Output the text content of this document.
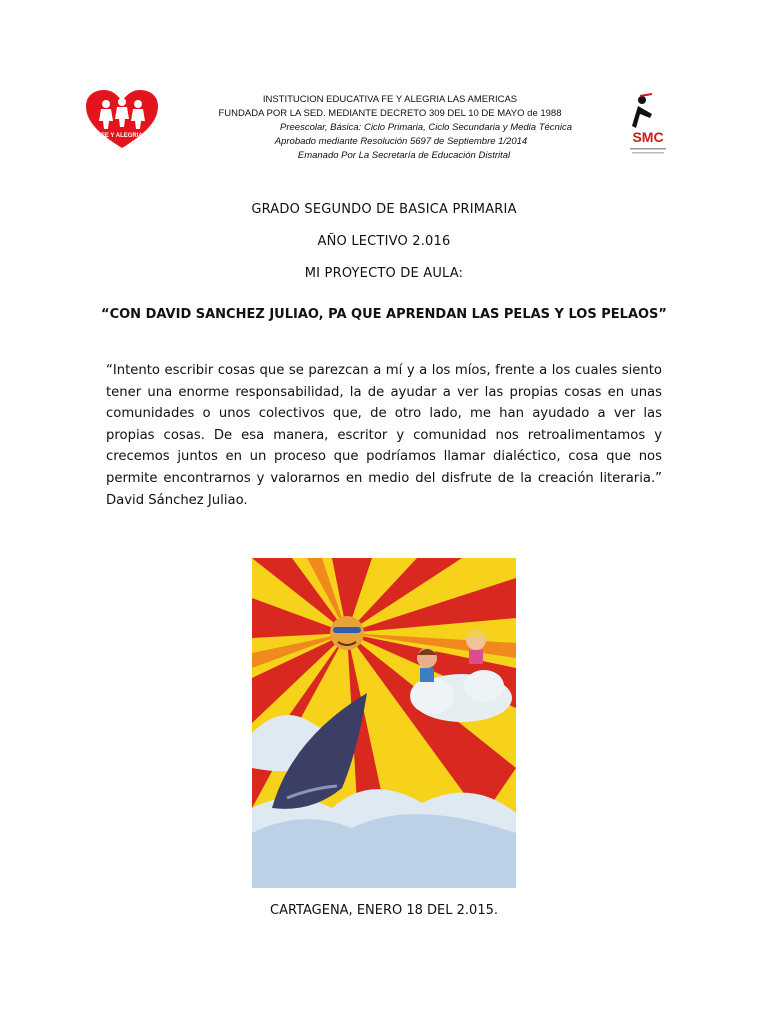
FE Y ALEGRIA	SMC
INSTITUCION EDUCATIVA FE Y ALEGRIA LAS AMERICAS
FUNDADA POR LA SED. MEDIANTE DECRETO 309 DEL 10 DE MAYO de 1988
Preescolar, Básica: Ciclo Primaria, Ciclo Secundaria y Media Técnica
Aprobado mediante Resolución 5697 de Septiembre 1/2014
Emanado Por La Secretaría de Educación Distrital
GRADO SEGUNDO DE BASICA PRIMARIA
AÑO LECTIVO 2.016
MI PROYECTO DE AULA:
“CON DAVID SANCHEZ JULIAO, PA QUE APRENDAN LAS PELAS Y LOS PELAOS”
“Intento escribir cosas que se parezcan a mí y a los míos, frente a los cuales siento tener una enorme responsabilidad, la de ayudar a ver las propias cosas en unas comunidades o unos colectivos que, de otro lado, me han ayudado a ver las propias cosas. De esa manera, escritor y comunidad nos retroalimentamos y crecemos juntos en un proceso que podríamos llamar dialéctico, cosa que nos permite encontrarnos y valorarnos en medio del disfrute de la creación literaria.” David Sánchez Juliao.
CARTAGENA, ENERO 18 DEL 2.015.
